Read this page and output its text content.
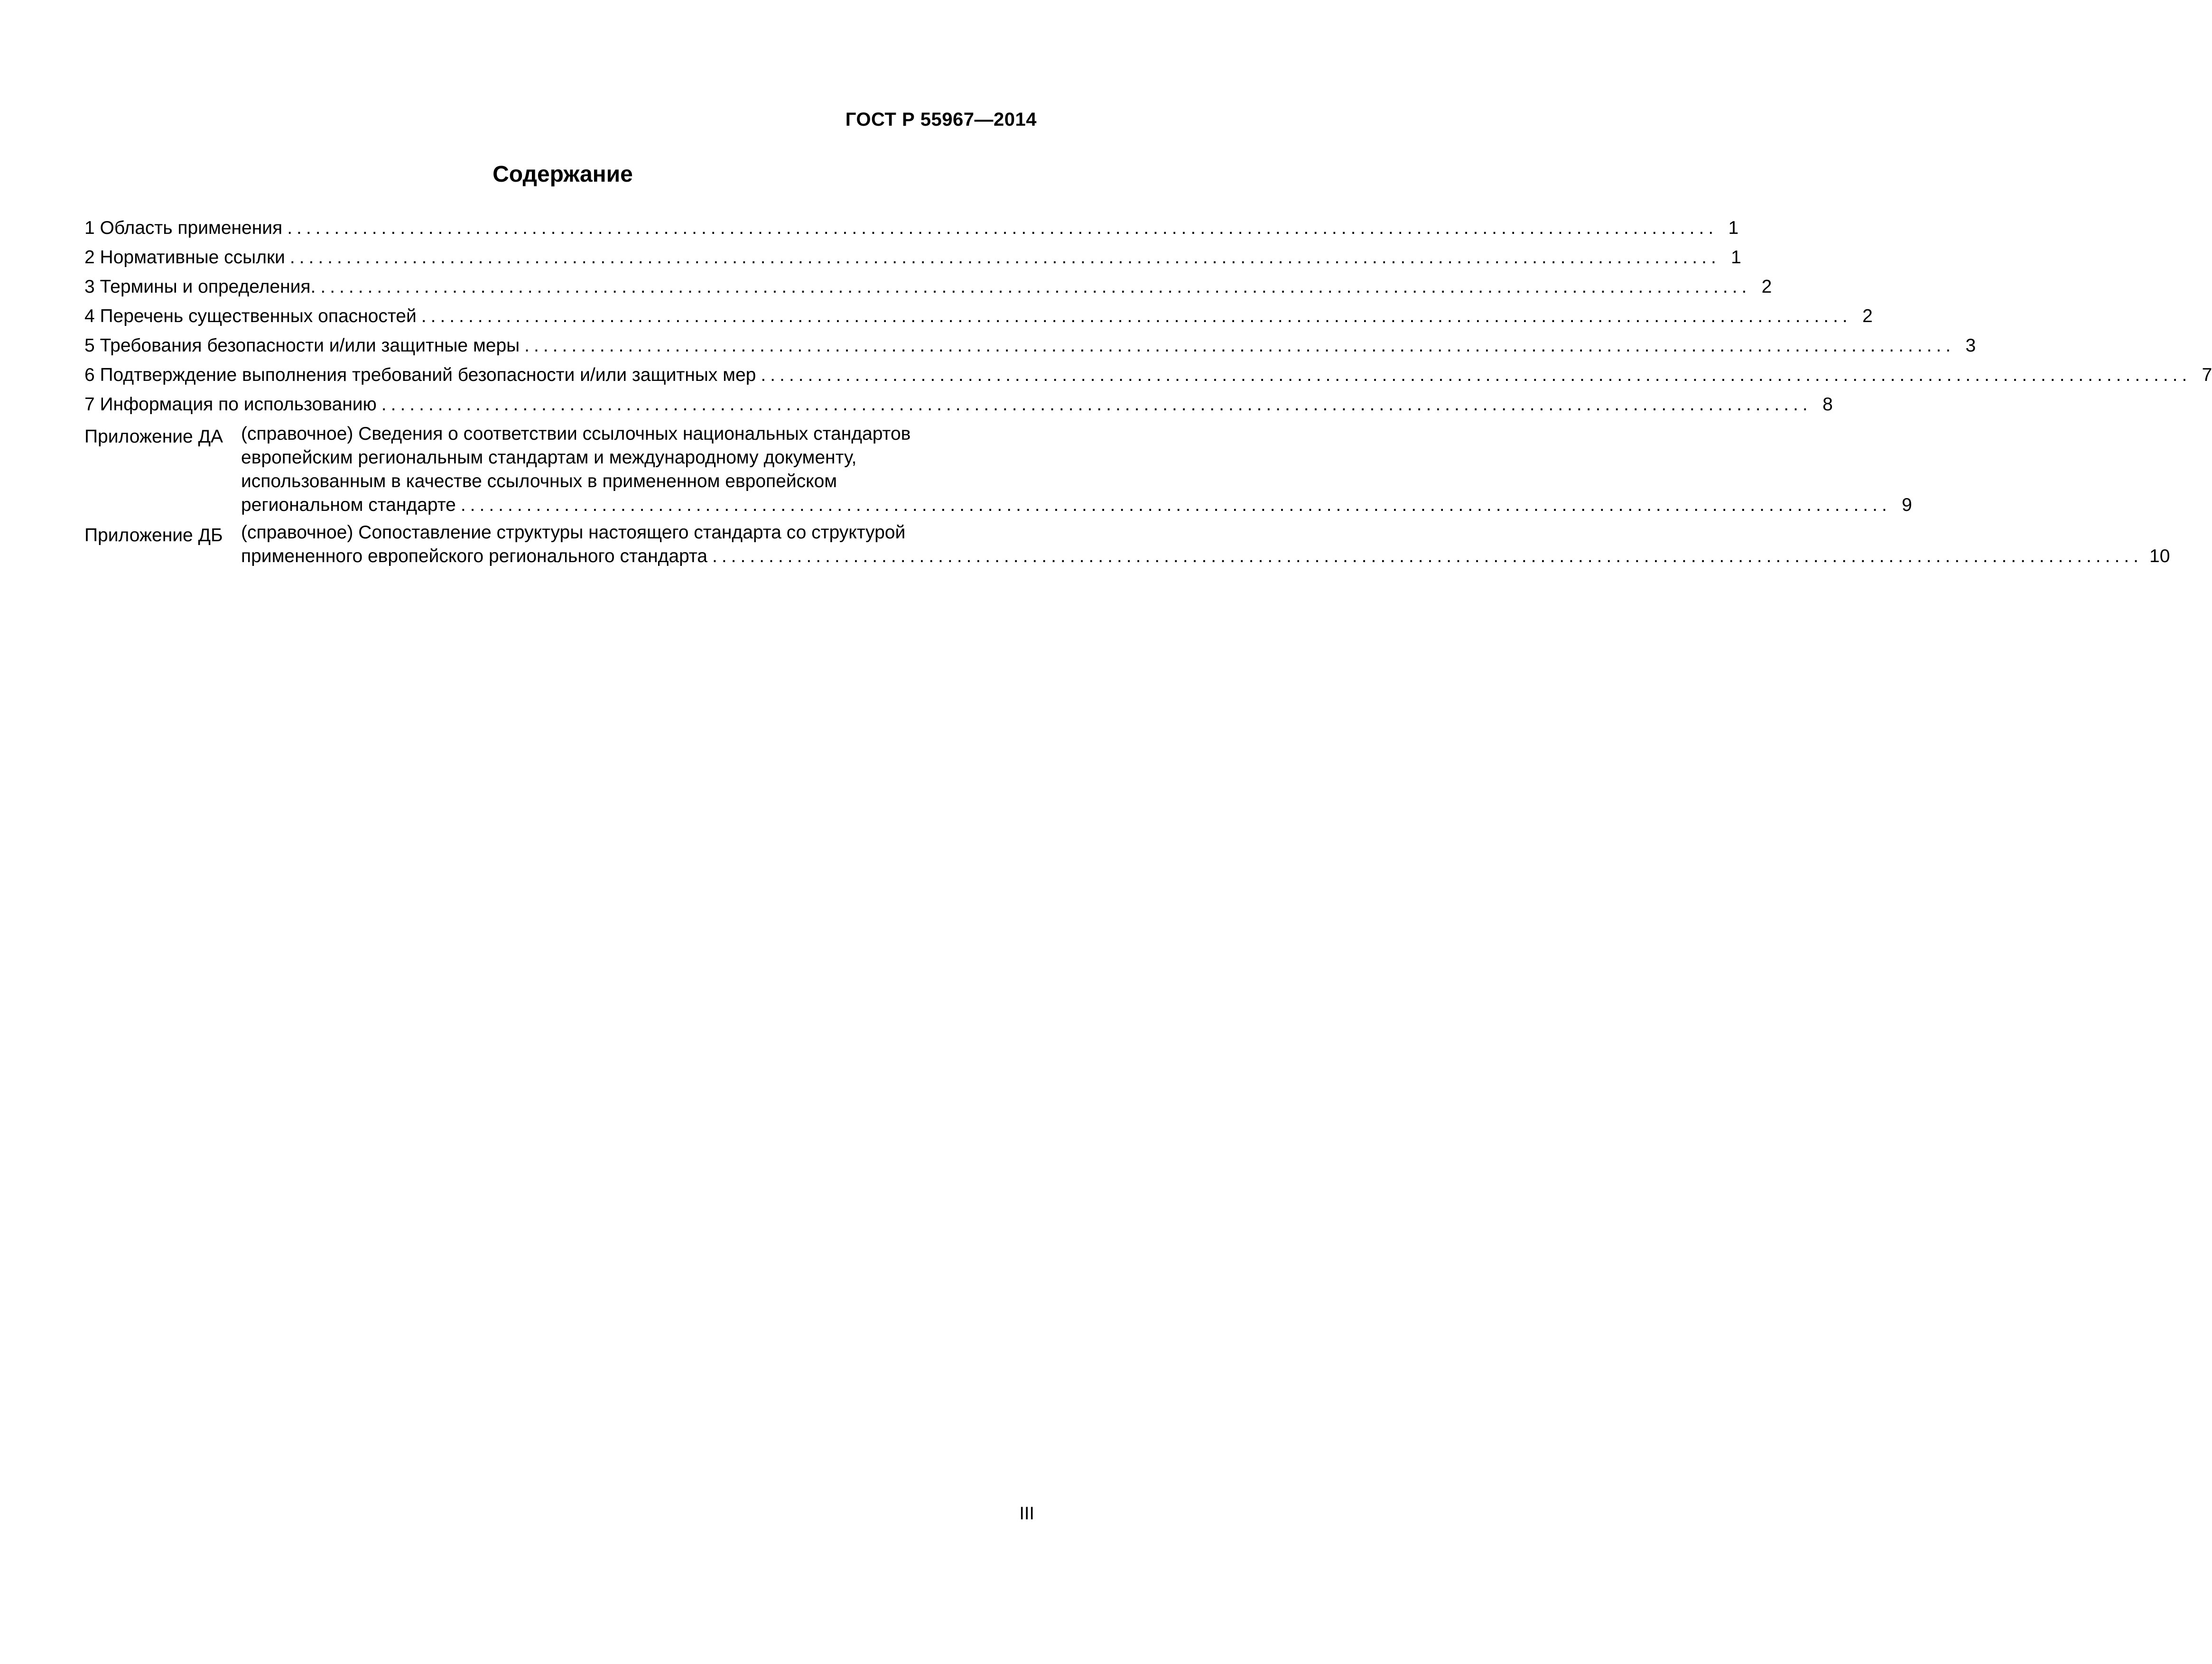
ГОСТ Р 55967—2014
Содержание
1 Область применения ........................................................................................................................................................ 1
2 Нормативные ссылки ........................................................................................................................................................ 1
3 Термины и определения. ........................................................................................................................................................ 2
4 Перечень существенных опасностей ........................................................................................................................................................ 2
5 Требования безопасности и/или защитные меры ........................................................................................................................................................ 3
6 Подтверждение выполнения требований безопасности и/или защитных мер ........................................................................................................................................................ 7
7 Информация по использованию ........................................................................................................................................................ 8
Приложение ДА (справочное) Сведения о соответствии ссылочных национальных стандартов
европейским региональным стандартам и международному документу,
использованным в качестве ссылочных в примененном европейском
региональном стандарте ........................................................................................................................................................ 9
Приложение ДБ (справочное) Сопоставление структуры настоящего стандарта со структурой
примененного европейского регионального стандарта ........................................................................................................................................................ 10
III
